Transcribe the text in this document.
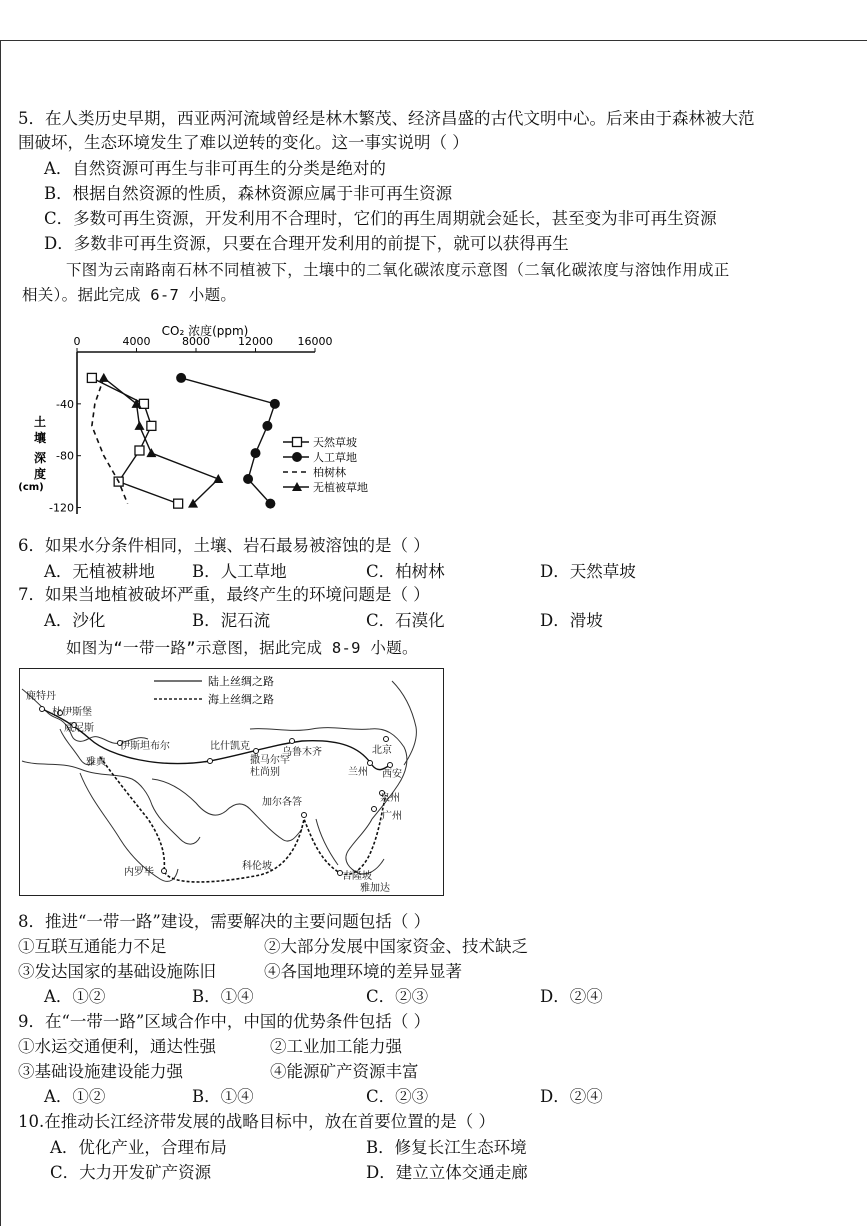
5．在人类历史早期，西亚两河流域曾经是林木繁茂、经济昌盛的古代文明中心。后来由于森林被大范
围破坏，生态环境发生了难以逆转的变化。这一事实说明（ ）
A．自然资源可再生与非可再生的分类是绝对的
B．根据自然资源的性质，森林资源应属于非可再生资源
C．多数可再生资源，开发利用不合理时，它们的再生周期就会延长，甚至变为非可再生资源
D．多数非可再生资源，只要在合理开发利用的前提下，就可以获得再生
下图为云南路南石林不同植被下，土壤中的二氧化碳浓度示意图（二氧化碳浓度与溶蚀作用成正
相关）。据此完成 6-7 小题。
CO₂ 浓度(ppm)
0	4000	8000	12000 16000
-40
-80
-120
土
壤
深
度
(cm)
天然草坡
人工草地
柏树林
无植被草地
6．如果水分条件相同，土壤、岩石最易被溶蚀的是（ ）
A．无植被耕地 B．人工草地	C．柏树林	D．天然草坡
7．如果当地植被破坏严重，最终产生的环境问题是（ ）
A．沙化	B．泥石流	C．石漠化	D．滑坡
如图为“一带一路”示意图，据此完成 8-9 小题。
陆上丝绸之路
海上丝绸之路
鹿特丹
杜伊斯堡
威尼斯
伊斯坦布尔	比什凯克
乌鲁木齐	北京
撒马尔罕
杜尚别	兰州 西安
泉州
广州
加尔各答
科伦坡
吉隆坡
雅加达
内罗毕
雅典
8．推进“一带一路”建设，需要解决的主要问题包括（ ）
①互联互通能力不足	②大部分发展中国家资金、技术缺乏
③发达国家的基础设施陈旧	④各国地理环境的差异显著
A．①②	B．①④	C．②③	D．②④
9．在“一带一路”区域合作中，中国的优势条件包括（ ）
①水运交通便利，通达性强	②工业加工能力强
③基础设施建设能力强	④能源矿产资源丰富
A．①②	B．①④	C．②③	D．②④
10.在推动长江经济带发展的战略目标中，放在首要位置的是（ ）
A．优化产业，合理布局	B．修复长江生态环境
C．大力开发矿产资源	D．建立立体交通走廊
